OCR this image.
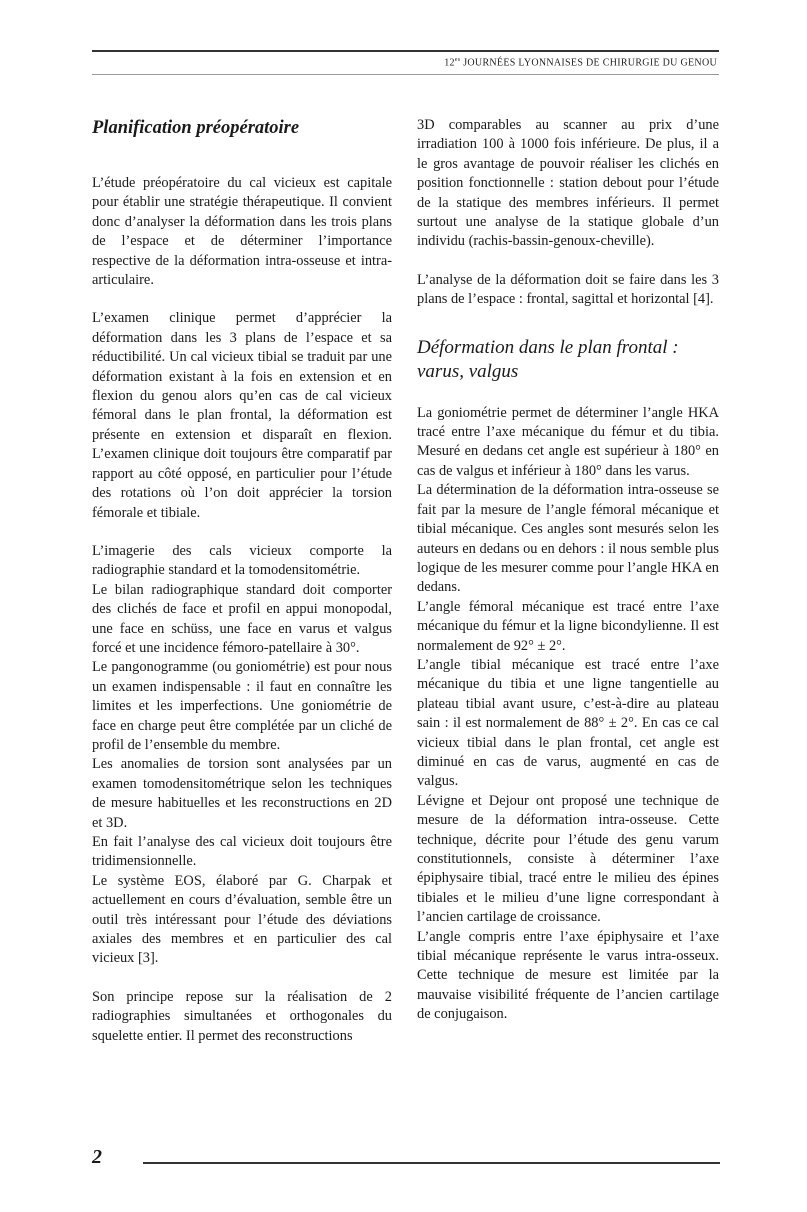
$12^{es}$ JOURNÉES LYONNAISES DE CHIRURGIE DU GENOU
Planification préopératoire

L’étude préopératoire du cal vicieux est capitale pour établir une stratégie thérapeutique. Il convient donc d’analyser la déformation dans les trois plans de l’espace et de déterminer l’importance respective de la déformation intra-osseuse et intra-articulaire.

L’examen clinique permet d’apprécier la déformation dans les 3 plans de l’espace et sa réductibilité. Un cal vicieux tibial se traduit par une déformation existant à la fois en extension et en flexion du genou alors qu’en cas de cal vicieux fémoral dans le plan frontal, la déformation est présente en extension et disparaît en flexion. L’examen clinique doit toujours être comparatif par rapport au côté opposé, en particulier pour l’étude des rotations où l’on doit apprécier la torsion fémorale et tibiale.

L’imagerie des cals vicieux comporte la radiographie standard et la tomodensitométrie.

Le bilan radiographique standard doit comporter des clichés de face et profil en appui monopodal, une face en schüss, une face en varus et valgus forcé et une incidence fémoro-patellaire à 30°.

Le pangonogramme (ou goniométrie) est pour nous un examen indispensable : il faut en connaître les limites et les imperfections. Une goniométrie de face en charge peut être complétée par un cliché de profil de l’ensemble du membre.

Les anomalies de torsion sont analysées par un examen tomodensitométrique selon les techniques de mesure habituelles et les reconstructions en 2D et 3D.

En fait l’analyse des cal vicieux doit toujours être tridimensionnelle.

Le système EOS, élaboré par G. Charpak et actuellement en cours d’évaluation, semble être un outil très intéressant pour l’étude des déviations axiales des membres et en particulier des cal vicieux [3].

Son principe repose sur la réalisation de 2 radiographies simultanées et orthogonales du squelette entier. Il permet des reconstructions

3D comparables au scanner au prix d’une irradiation 100 à 1000 fois inférieure. De plus, il a le gros avantage de pouvoir réaliser les clichés en position fonctionnelle : station debout pour l’étude de la statique des membres inférieurs. Il permet surtout une analyse de la statique globale d’un individu (rachis-bassin-genoux-cheville).

L’analyse de la déformation doit se faire dans les 3 plans de l’espace : frontal, sagittal et horizontal [4].

Déformation dans le plan frontal :
varus, valgus

La goniométrie permet de déterminer l’angle HKA tracé entre l’axe mécanique du fémur et du tibia. Mesuré en dedans cet angle est supérieur à 180° en cas de valgus et inférieur à 180° dans les varus.

La détermination de la déformation intra-osseuse se fait par la mesure de l’angle fémoral mécanique et tibial mécanique. Ces angles sont mesurés selon les auteurs en dedans ou en dehors : il nous semble plus logique de les mesurer comme pour l’angle HKA en dedans.

L’angle fémoral mécanique est tracé entre l’axe mécanique du fémur et la ligne bicondylienne. Il est normalement de 92° ± 2°.

L’angle tibial mécanique est tracé entre l’axe mécanique du tibia et une ligne tangentielle au plateau tibial avant usure, c’est-à-dire au plateau sain : il est normalement de 88° ± 2°. En cas ce cal vicieux tibial dans le plan frontal, cet angle est diminué en cas de varus, augmenté en cas de valgus.

Lévigne et Dejour ont proposé une technique de mesure de la déformation intra-osseuse. Cette technique, décrite pour l’étude des genu varum constitutionnels, consiste à déterminer l’axe épiphysaire tibial, tracé entre le milieu des épines tibiales et le milieu d’une ligne correspondant à l’ancien cartilage de croissance.

L’angle compris entre l’axe épiphysaire et l’axe tibial mécanique représente le varus intra-osseux. Cette technique de mesure est limitée par la mauvaise visibilité fréquente de l’ancien cartilage de conjugaison.

2
